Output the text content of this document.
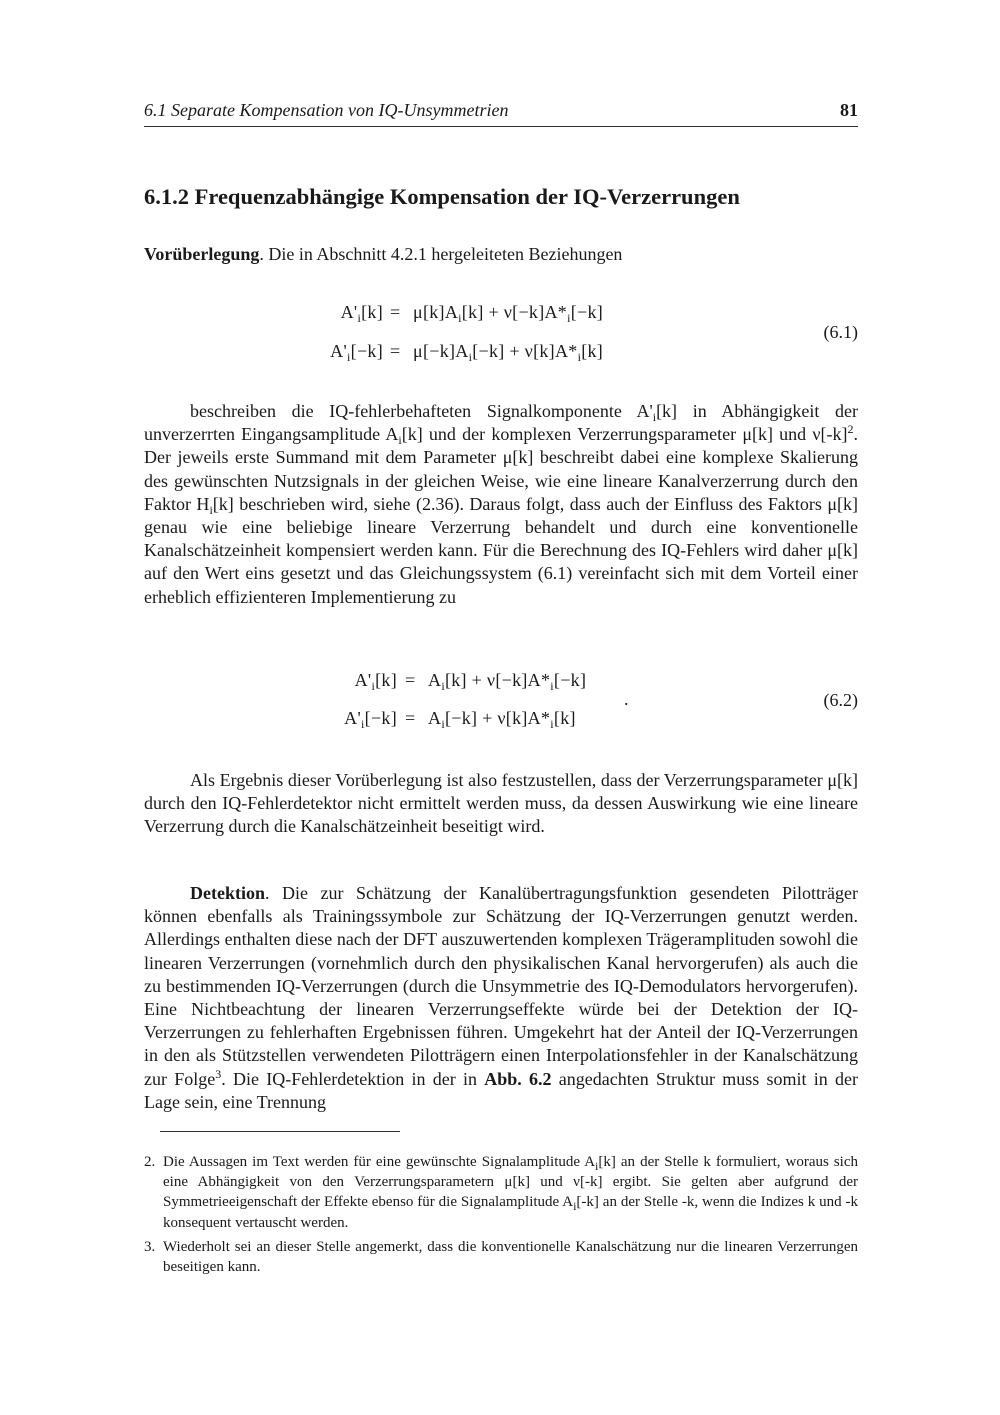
6.1 Separate Kompensation von IQ-Unsymmetrien	81
6.1.2 Frequenzabhängige Kompensation der IQ-Verzerrungen

Vorüberlegung. Die in Abschnitt 4.2.1 hergeleiteten Beziehungen

$A'_i[k] = \mu[k]A_i[k] + \nu[-k]A*_i[-k]$
$A'_i[-k] = \mu[-k]A_i[-k] + \nu[k]A*_i[k]$
(6.1)

beschreiben die IQ-fehlerbehafteten Signalkomponente $A'_i[k]$ in Abhängigkeit der unverzerrten Eingangsamplitude $A_i[k]$ und der komplexen Verzerrungsparameter μ[k] und $\nu[-k]^2$. Der jeweils erste Summand mit dem Parameter μ[k] beschreibt dabei eine komplexe Skalierung des gewünschten Nutzsignals in der gleichen Weise, wie eine lineare Kanalverzerrung durch den Faktor $H_i[k]$ beschrieben wird, siehe (2.36). Daraus folgt, dass auch der Einfluss des Faktors μ[k] genau wie eine beliebige lineare Verzerrung behandelt und durch eine konventionelle Kanalschätzeinheit kompensiert werden kann. Für die Berechnung des IQ-Fehlers wird daher μ[k] auf den Wert eins gesetzt und das Gleichungssystem (6.1) vereinfacht sich mit dem Vorteil einer erheblich effizienteren Implementierung zu

$A'_i[k] = A_i[k] + \nu[-k]A*_i[-k]$
$A'_i[-k] = A_i[-k] + \nu[k]A*_i[k]$
.	(6.2)

Als Ergebnis dieser Vorüberlegung ist also festzustellen, dass der Verzerrungsparameter μ[k] durch den IQ-Fehlerdetektor nicht ermittelt werden muss, da dessen Auswirkung wie eine lineare Verzerrung durch die Kanalschätzeinheit beseitigt wird.

Detektion. Die zur Schätzung der Kanalübertragungsfunktion gesendeten Pilotträger können ebenfalls als Trainingssymbole zur Schätzung der IQ-Verzerrungen genutzt werden. Allerdings enthalten diese nach der DFT auszuwertenden komplexen Trägeramplituden sowohl die linearen Verzerrungen (vornehmlich durch den physikalischen Kanal hervorgerufen) als auch die zu bestimmenden IQ-Verzerrungen (durch die Unsymmetrie des IQ-Demodulators hervorgerufen). Eine Nichtbeachtung der linearen Verzerrungseffekte würde bei der Detektion der IQ-Verzerrungen zu fehlerhaften Ergebnissen führen. Umgekehrt hat der Anteil der IQ-Verzerrungen in den als Stützstellen verwendeten Pilotträgern einen Interpolationsfehler in der Kanalschätzung zur Folge$^3$. Die IQ-Fehlerdetektion in der in Abb. 6.2 angedachten Struktur muss somit in der Lage sein, eine Trennung

2. Die Aussagen im Text werden für eine gewünschte Signalamplitude $A_i[k]$ an der Stelle k formuliert, woraus sich eine Abhängigkeit von den Verzerrungsparametern μ[k] und ν[-k] ergibt. Sie gelten aber aufgrund der Symmetrieeigenschaft der Effekte ebenso für die Signalamplitude $A_i[-k]$ an der Stelle -k, wenn die Indizes k und -k konsequent vertauscht werden.
3. Wiederholt sei an dieser Stelle angemerkt, dass die konventionelle Kanalschätzung nur die linearen Verzerrungen beseitigen kann.
